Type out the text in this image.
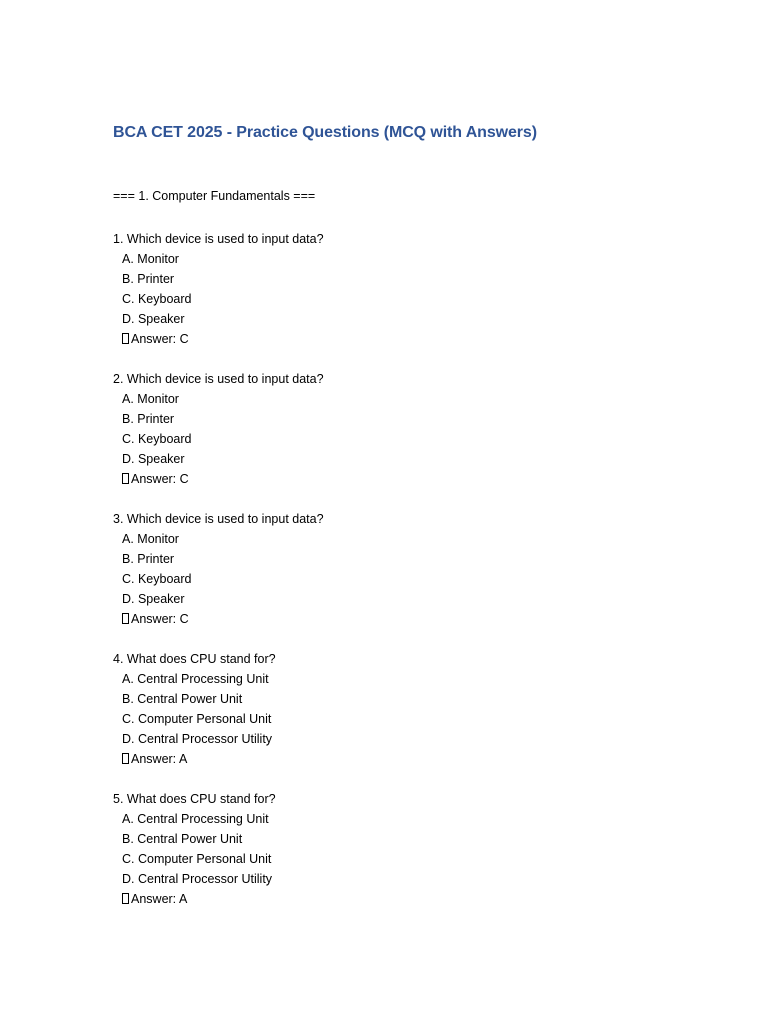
BCA CET 2025 - Practice Questions (MCQ with Answers)
=== 1. Computer Fundamentals ===
1. Which device is used to input data?
A. Monitor
B. Printer
C. Keyboard
D. Speaker
Answer: C
2. Which device is used to input data?
A. Monitor
B. Printer
C. Keyboard
D. Speaker
Answer: C
3. Which device is used to input data?
A. Monitor
B. Printer
C. Keyboard
D. Speaker
Answer: C
4. What does CPU stand for?
A. Central Processing Unit
B. Central Power Unit
C. Computer Personal Unit
D. Central Processor Utility
Answer: A
5. What does CPU stand for?
A. Central Processing Unit
B. Central Power Unit
C. Computer Personal Unit
D. Central Processor Utility
Answer: A
